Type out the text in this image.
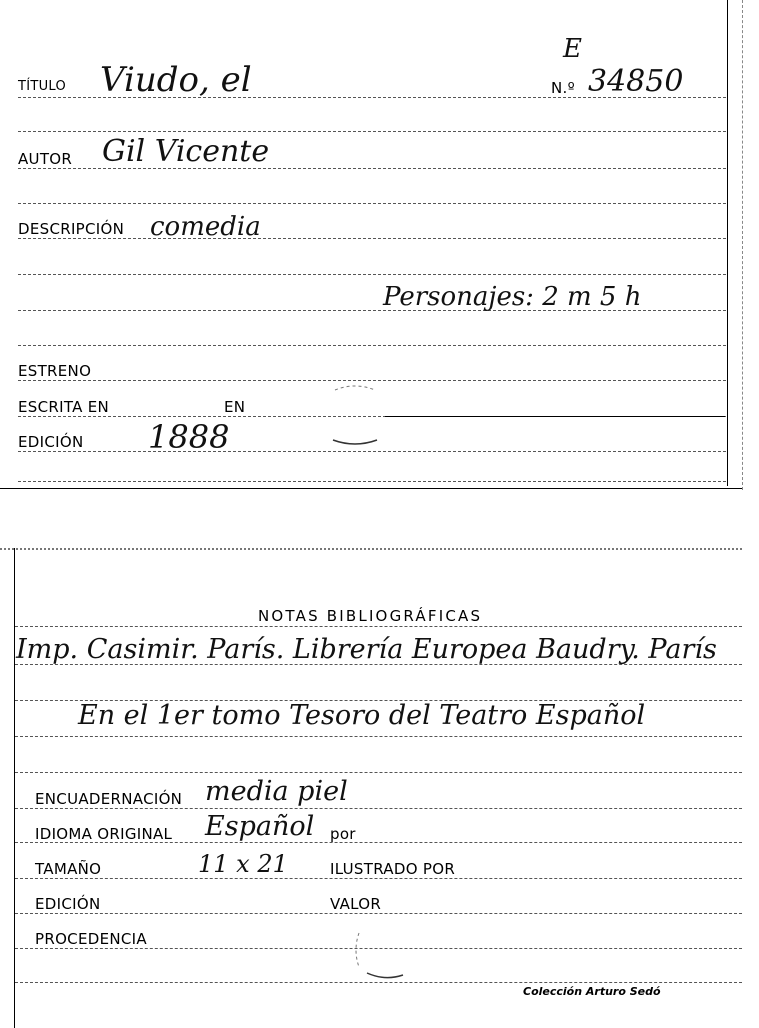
TÍTULO Viudo, el
E
N.º 34850
AUTOR Gil Vicente
DESCRIPCIÓN comedia
Personajes: 2 m 5 h
ESTRENO
ESCRITA EN	EN
EDICIÓN 1888
NOTAS BIBLIOGRÁFICAS
Imp. Casimir. París. Librería Europea Baudry. París
En el 1er tomo Tesoro del Teatro Español
ENCUADERNACIÓN media piel
IDIOMA ORIGINAL Español por
TAMAÑO	11 x 21	ILUSTRADO POR
EDICIÓN	VALOR
PROCEDENCIA
Colección Arturo Sedó
